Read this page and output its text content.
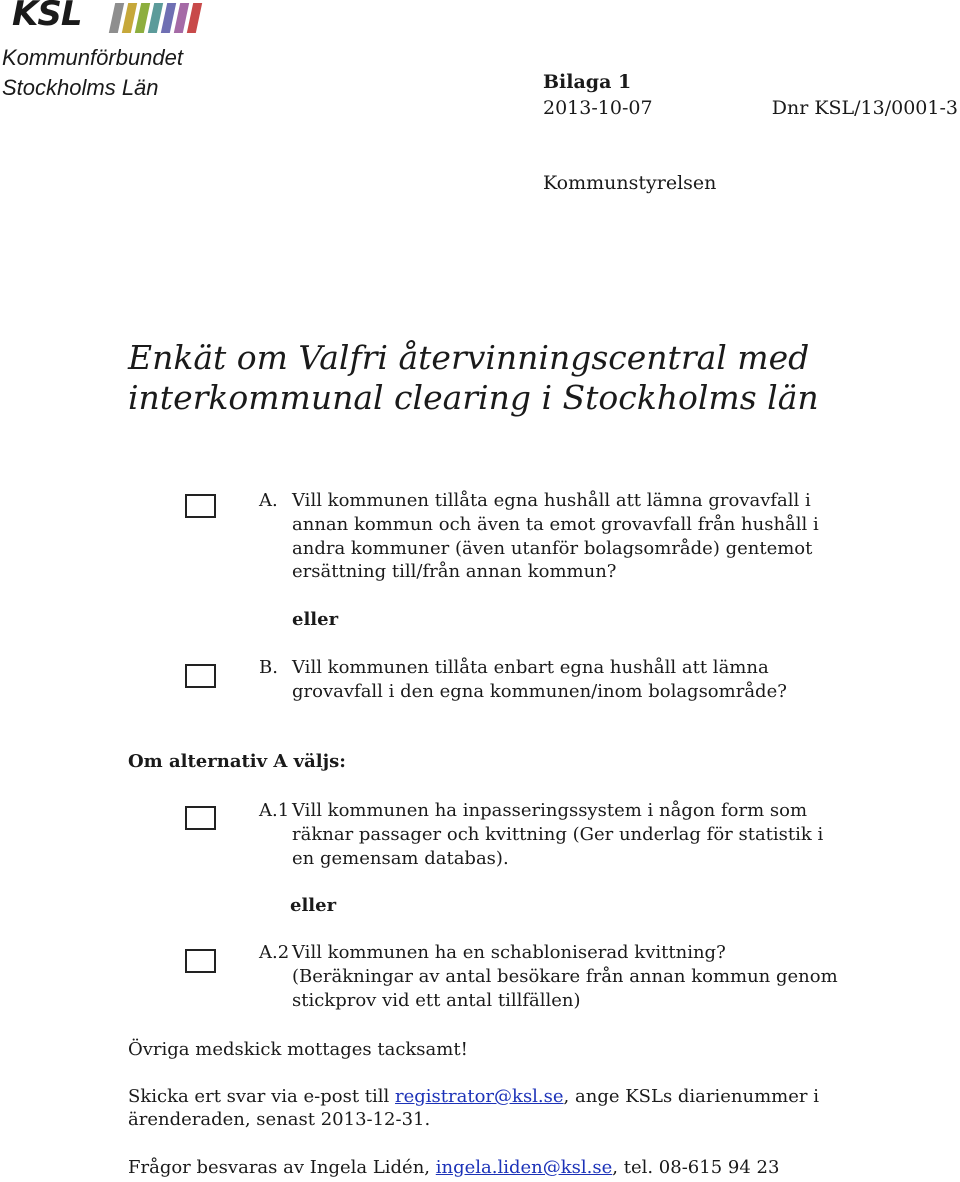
KSL
Kommunförbundet
Stockholms Län	Bilaga 1
2013-10-07	Dnr KSL/13/0001-3
Kommunstyrelsen
Enkät om Valfri återvinningscentral med
interkommunal clearing i Stockholms län
A. Vill kommunen tillåta egna hushåll att lämna grovavfall i
annan kommun och även ta emot grovavfall från hushåll i
andra kommuner (även utanför bolagsområde) gentemot
ersättning till/från annan kommun?
eller
B. Vill kommunen tillåta enbart egna hushåll att lämna
grovavfall i den egna kommunen/inom bolagsområde?
Om alternativ A väljs:
A.1 Vill kommunen ha inpasseringssystem i någon form som
räknar passager och kvittning (Ger underlag för statistik i
en gemensam databas).
eller
A.2 Vill kommunen ha en schabloniserad kvittning?
(Beräkningar av antal besökare från annan kommun genom
stickprov vid ett antal tillfällen)
Övriga medskick mottages tacksamt!
Skicka ert svar via e-post till registrator@ksl.se, ange KSLs diarienummer i
ärenderaden, senast 2013-12-31.
Frågor besvaras av Ingela Lidén, ingela.liden@ksl.se, tel. 08-615 94 23
